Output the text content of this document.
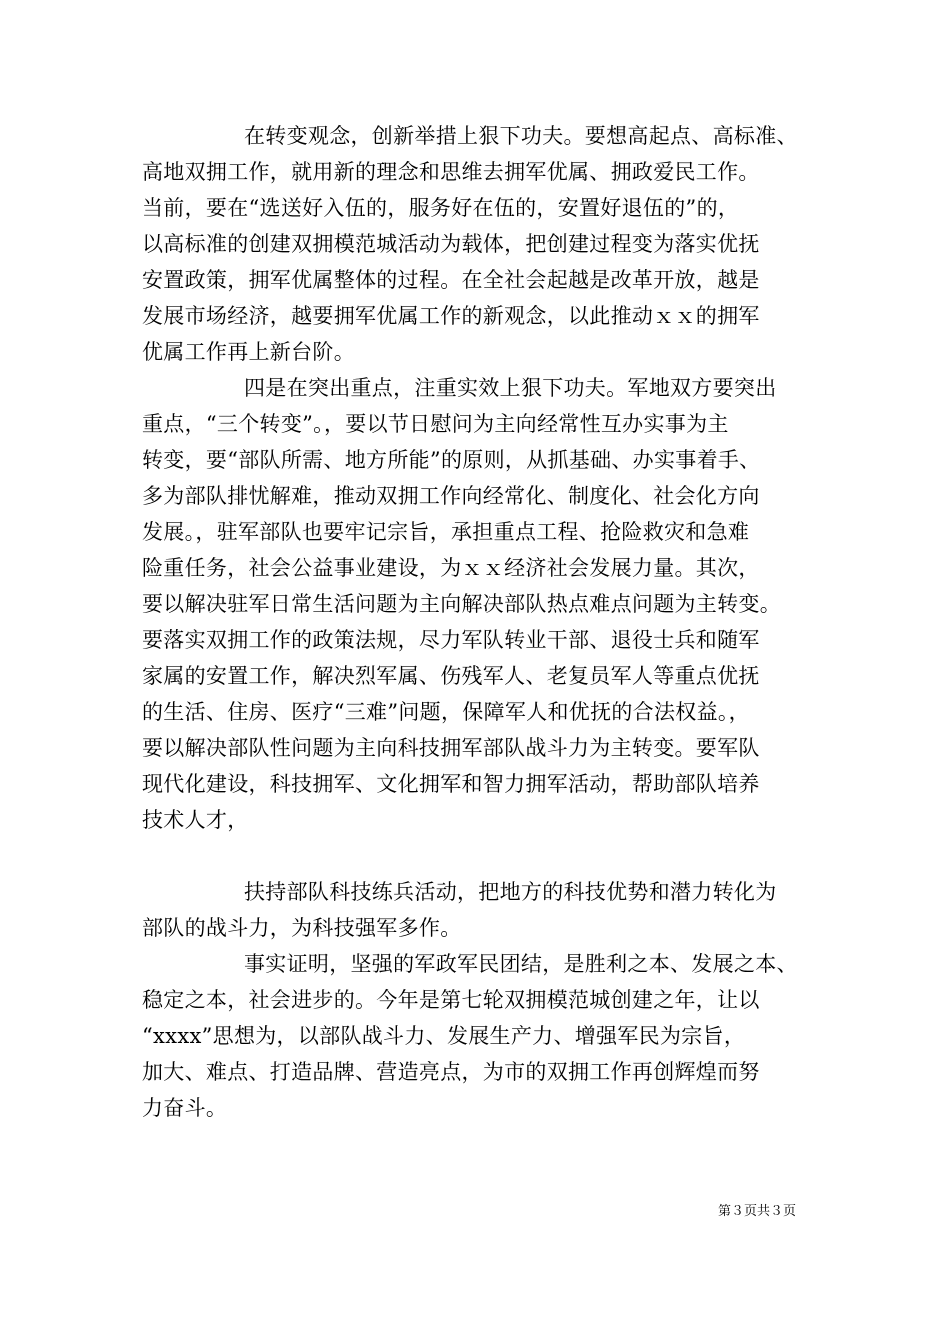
在转变观念，创新举措上狠下功夫。要想高起点、高标准、
高地双拥工作，就用新的理念和思维去拥军优属、拥政爱民工作。
当前，要在“选送好入伍的，服务好在伍的，安置好退伍的”的，
以高标准的创建双拥模范城活动为载体，把创建过程变为落实优抚
安置政策，拥军优属整体的过程。在全社会起越是改革开放，越是
发展市场经济，越要拥军优属工作的新观念，以此推动ｘｘ的拥军
优属工作再上新台阶。
四是在突出重点，注重实效上狠下功夫。军地双方要突出
重点，“三个转变”。，要以节日慰问为主向经常性互办实事为主
转变，要“部队所需、地方所能”的原则，从抓基础、办实事着手、
多为部队排忧解难，推动双拥工作向经常化、制度化、社会化方向
发展。，驻军部队也要牢记宗旨，承担重点工程、抢险救灾和急难
险重任务，社会公益事业建设，为ｘｘ经济社会发展力量。其次，
要以解决驻军日常生活问题为主向解决部队热点难点问题为主转变。
要落实双拥工作的政策法规，尽力军队转业干部、退役士兵和随军
家属的安置工作，解决烈军属、伤残军人、老复员军人等重点优抚
的生活、住房、医疗“三难”问题，保障军人和优抚的合法权益。，
要以解决部队性问题为主向科技拥军部队战斗力为主转变。要军队
现代化建设，科技拥军、文化拥军和智力拥军活动，帮助部队培养
技术人才，
扶持部队科技练兵活动，把地方的科技优势和潜力转化为
部队的战斗力，为科技强军多作。
事实证明，坚强的军政军民团结，是胜利之本、发展之本、
稳定之本，社会进步的。今年是第七轮双拥模范城创建之年，让以
“xxxx”思想为，以部队战斗力、发展生产力、增强军民为宗旨，
加大、难点、打造品牌、营造亮点，为市的双拥工作再创辉煌而努
力奋斗。
第３页共３页
